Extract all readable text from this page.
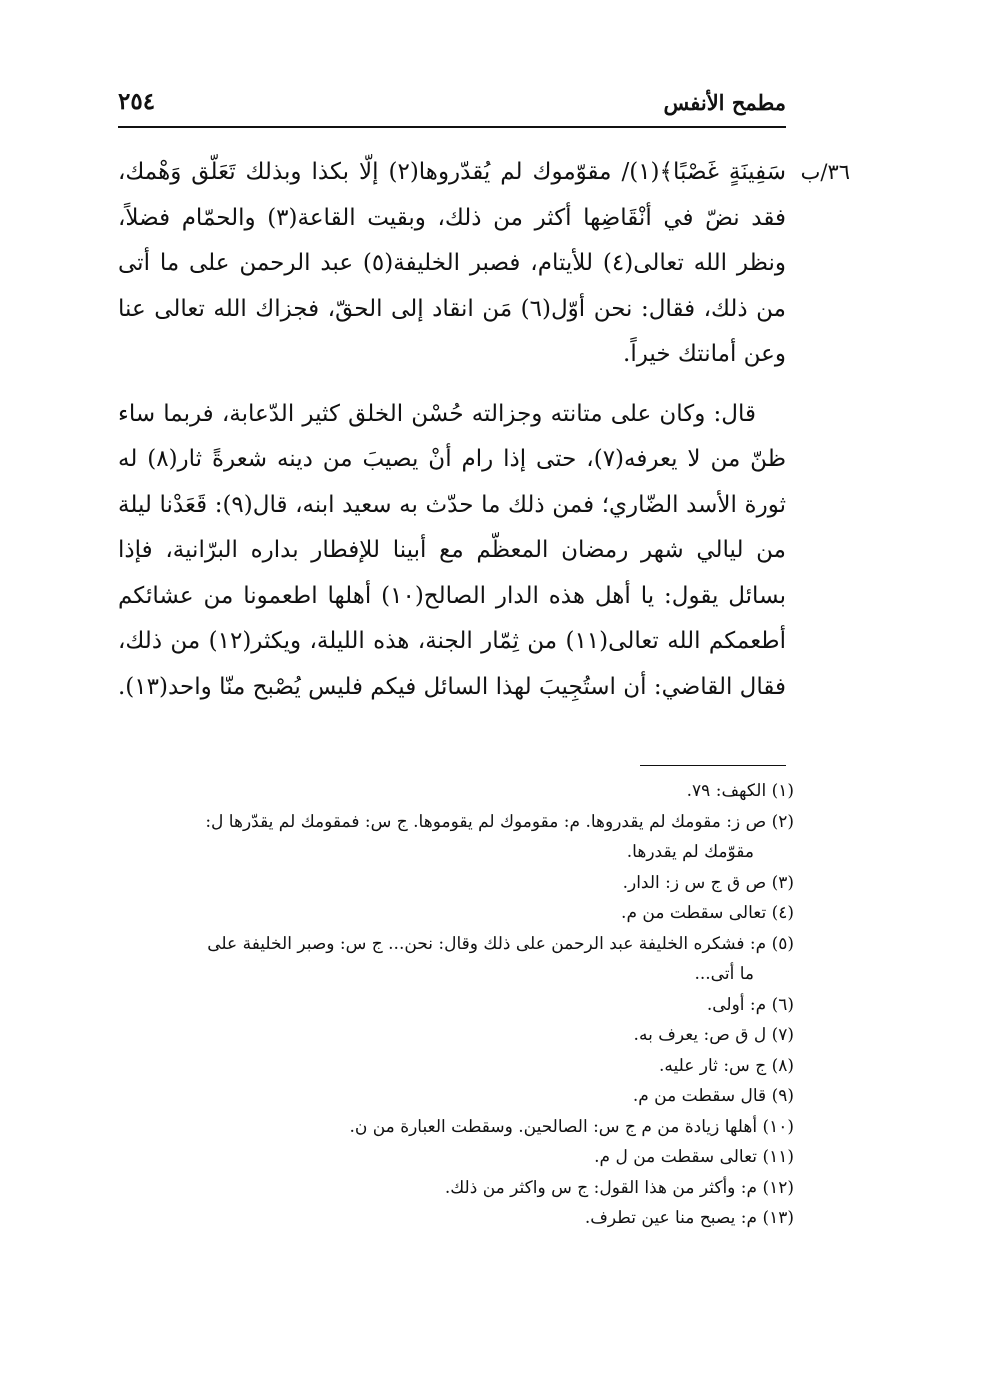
مطمح الأنفس
٢٥٤
٣٦/ب

سَفِينَةٍ غَصْبًا﴾(١)/ مقوّموك لم يُقدّروها(٢) إلّا بكذا وبذلك تَعَلّق وَهْمك، فقد نضّ في أنْقَاضِها أكثر من ذلك، وبقيت القاعة(٣) والحمّام فضلاً، ونظر الله تعالى(٤) للأيتام، فصبر الخليفة(٥) عبد الرحمن على ما أتى من ذلك، فقال: نحن أوّل(٦) مَن انقاد إلى الحقّ، فجزاك الله تعالى عنا وعن أمانتك خيراً.

قال: وكان على متانته وجزالته حُسْن الخلق كثير الدّعابة، فربما ساء ظنّ من لا يعرفه(٧)، حتى إذا رام أنْ يصيبَ من دينه شعرةً ثار(٨) له ثورة الأسد الضّاري؛ فمن ذلك ما حدّث به سعيد ابنه، قال(٩): قَعَدْنا ليلة من ليالي شهر رمضان المعظّم مع أبينا للإفطار بداره البرّانية، فإذا بسائل يقول: يا أهل هذه الدار الصالح(١٠) أهلها اطعمونا من عشائكم أطعمكم الله تعالى(١١) من ثِمّار الجنة، هذه الليلة، ويكثر(١٢) من ذلك، فقال القاضي: أن استُجِيبَ لهذا السائل فيكم فليس يُصْبح منّا واحد(١٣).

(١) الكهف: ٧٩.

(٢) ص ز: مقومك لم يقدروها. م: مقوموك لم يقوموها. ج س: فمقومك لم يقدّرها ل:
مقوّمك لم يقدرها.

(٣) ص ق ج س ز: الدار.

(٤) تعالى سقطت من م.

(٥) م: فشكره الخليفة عبد الرحمن على ذلك وقال: نحن... ج س: وصبر الخليفة على
ما أتى...

(٦) م: أولى.

(٧) ل ق ص: يعرف به.

(٨) ج س: ثار عليه.

(٩) قال سقطت من م.

(١٠) أهلها زيادة من م ج س: الصالحين. وسقطت العبارة من ن.

(١١) تعالى سقطت من ل م.

(١٢) م: وأكثر من هذا القول: ج س واكثر من ذلك.

(١٣) م: يصبح منا عين تطرف.
